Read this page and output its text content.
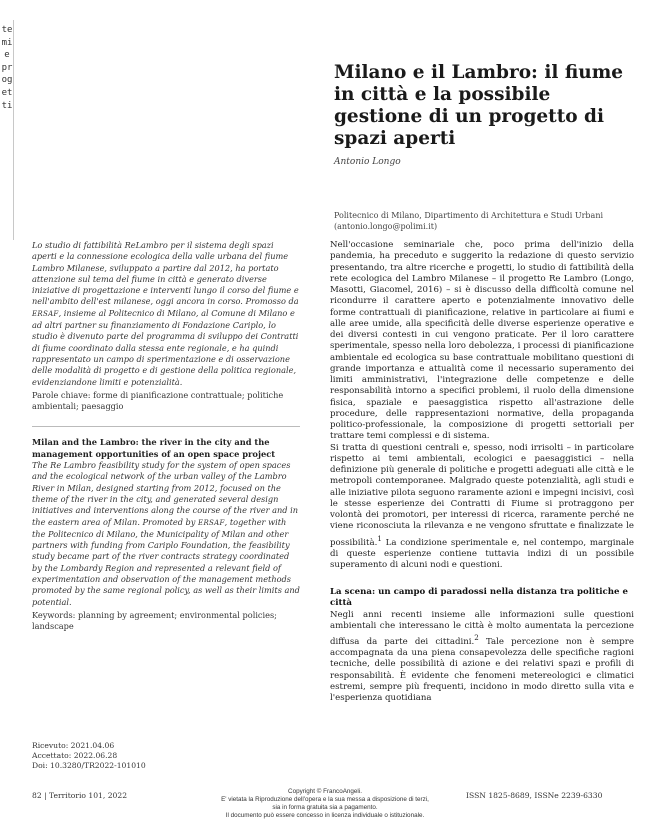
temi e progetti
Milano e il Lambro: il fiume in città e la possibile gestione di un progetto di spazi aperti
Antonio Longo
Politecnico di Milano, Dipartimento di Architettura e Studi Urbani
(antonio.longo@polimi.it)

Lo studio di fattibilità ReLambro per il sistema degli spazi aperti e la connessione ecologica della valle urbana del fiume Lambro Milanese, sviluppato a partire dal 2012, ha portato attenzione sul tema del fiume in città e generato diverse iniziative di progettazione e interventi lungo il corso del fiume e nell'ambito dell'est milanese, oggi ancora in corso. Promosso da ERSAF, insieme al Politecnico di Milano, al Comune di Milano e ad altri partner su finanziamento di Fondazione Cariplo, lo studio è divenuto parte del programma di sviluppo dei Contratti di fiume coordinato dalla stessa ente regionale, e ha quindi rappresentato un campo di sperimentazione e di osservazione delle modalità di progetto e di gestione della politica regionale, evidenziandone limiti e potenzialità.

Parole chiave: forme di pianificazione contrattuale; politiche ambientali; paesaggio

Milan and the Lambro: the river in the city and the management opportunities of an open space project

The Re Lambro feasibility study for the system of open spaces and the ecological network of the urban valley of the Lambro River in Milan, designed starting from 2012, focused on the theme of the river in the city, and generated several design initiatives and interventions along the course of the river and in the eastern area of Milan. Promoted by ERSAF, together with the Politecnico di Milano, the Municipality of Milan and other partners with funding from Cariplo Foundation, the feasibility study became part of the river contracts strategy coordinated by the Lombardy Region and represented a relevant field of experimentation and observation of the management methods promoted by the same regional policy, as well as their limits and potential.

Keywords: planning by agreement; environmental policies; landscape

Ricevuto: 2021.04.06
Accettato: 2022.06.28
Doi: 10.3280/TR2022-101010

Nell'occasione seminariale che, poco prima dell'inizio della pandemia, ha preceduto e suggerito la redazione di questo servizio presentando, tra altre ricerche e progetti, lo studio di fattibilità della rete ecologica del Lambro Milanese – il progetto Re Lambro (Longo, Masotti, Giacomel, 2016) – si è discusso della difficoltà comune nel ricondurre il carattere aperto e potenzialmente innovativo delle forme contrattuali di pianificazione, relative in particolare ai fiumi e alle aree umide, alla specificità delle diverse esperienze operative e dei diversi contesti in cui vengono praticate. Per il loro carattere sperimentale, spesso nella loro debolezza, i processi di pianificazione ambientale ed ecologica su base contrattuale mobilitano questioni di grande importanza e attualità come il necessario superamento dei limiti amministrativi, l'integrazione delle competenze e delle responsabilità intorno a specifici problemi, il ruolo della dimensione fisica, spaziale e paesaggistica rispetto all'astrazione delle procedure, delle rappresentazioni normative, della propaganda politico-professionale, la composizione di progetti settoriali per trattare temi complessi e di sistema.

Si tratta di questioni centrali e, spesso, nodi irrisolti – in particolare rispetto ai temi ambientali, ecologici e paesaggistici – nella definizione più generale di politiche e progetti adeguati alle città e le metropoli contemporanee. Malgrado queste potenzialità, agli studi e alle iniziative pilota seguono raramente azioni e impegni incisivi, così le stesse esperienze dei Contratti di Fiume si protraggono per volontà dei promotori, per interessi di ricerca, raramente perché ne viene riconosciuta la rilevanza e ne vengono sfruttate e finalizzate le possibilità.$^1$ La condizione sperimentale e, nel contempo, marginale di queste esperienze contiene tuttavia indizi di un possibile superamento di alcuni nodi e questioni.

La scena: un campo di paradossi nella distanza tra politiche e città

Negli anni recenti insieme alle informazioni sulle questioni ambientali che interessano le città è molto aumentata la percezione diffusa da parte dei cittadini.$^2$ Tale percezione non è sempre accompagnata da una piena consapevolezza delle specifiche ragioni tecniche, delle possibilità di azione e dei relativi spazi e profili di responsabilità. È evidente che fenomeni metereologici e climatici estremi, sempre più frequenti, incidono in modo diretto sulla vita e l'esperienza quotidiana

82 | Territorio 101, 2022	Copyright © FrancoAngeli.
E' vietata la Riproduzione dell'opera e la sua messa a disposizione di terzi,
sia in forma gratuita sia a pagamento.
Il documento può essere concesso in licenza individuale o istituzionale.
ISSN 1825-8689, ISSNe 2239-6330
